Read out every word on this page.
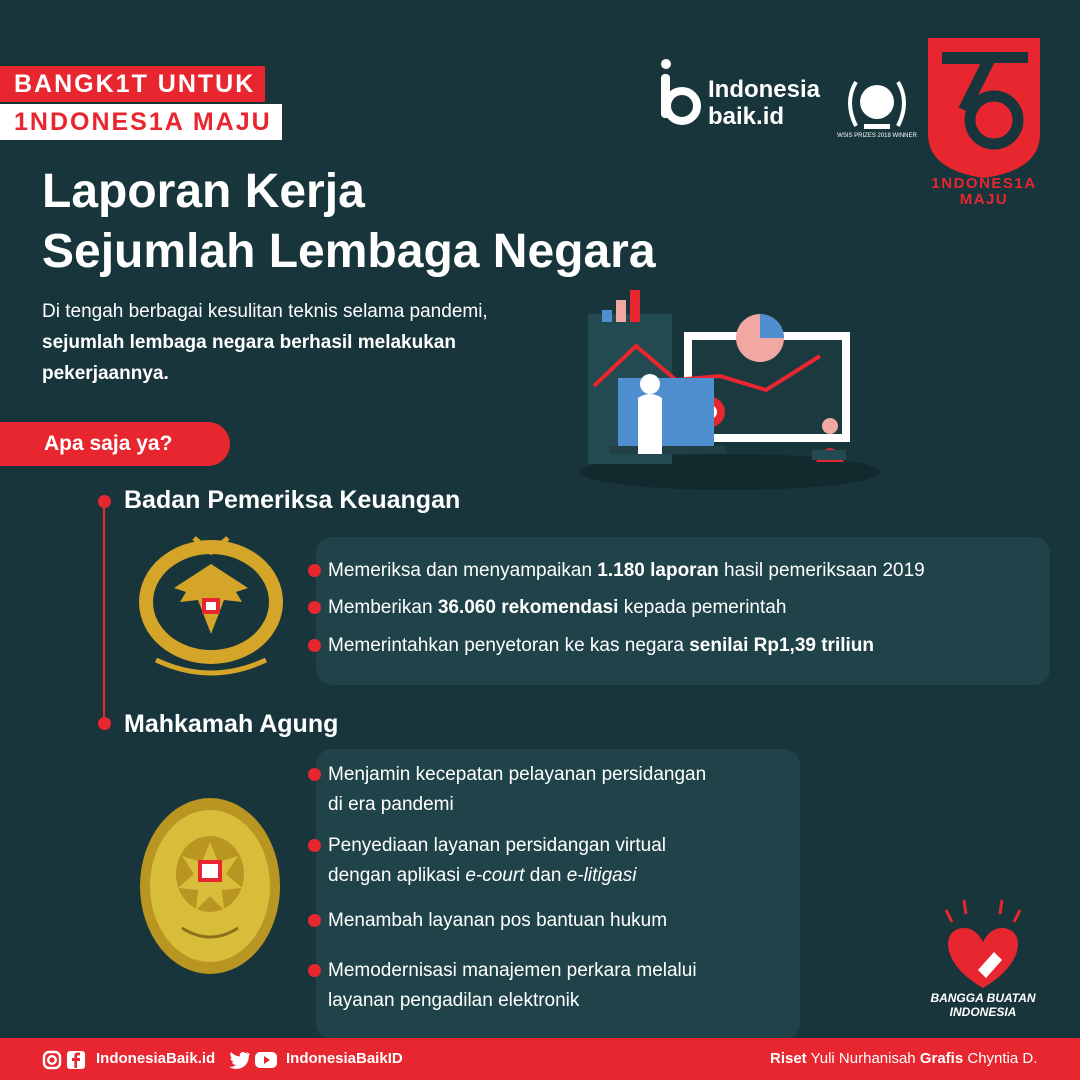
BANGK1T UNTUK
1NDONES1A MAJU
Indonesia
baik.id
WSIS PRIZES 2018 WINNER
1NDONES1A
MAJU
Laporan Kerja
Sejumlah Lembaga Negara
Di tengah berbagai kesulitan teknis selama pandemi, sejumlah lembaga negara berhasil melakukan pekerjaannya.
Apa saja ya?
Badan Pemeriksa Keuangan
Memeriksa dan menyampaikan 1.180 laporan hasil pemeriksaan 2019
Memberikan 36.060 rekomendasi kepada pemerintah
Memerintahkan penyetoran ke kas negara senilai Rp1,39 triliun
Mahkamah Agung
Menjamin kecepatan pelayanan persidangan
di era pandemi
Penyediaan layanan persidangan virtual
dengan aplikasi e-court dan e-litigasi
Menambah layanan pos bantuan hukum
Memodernisasi manajemen perkara melalui
layanan pengadilan elektronik	BANGGA BUATAN
INDONESIA
IndonesiaBaik.id	IndonesiaBaikID	Riset Yuli Nurhanisah Grafis Chyntia D.
